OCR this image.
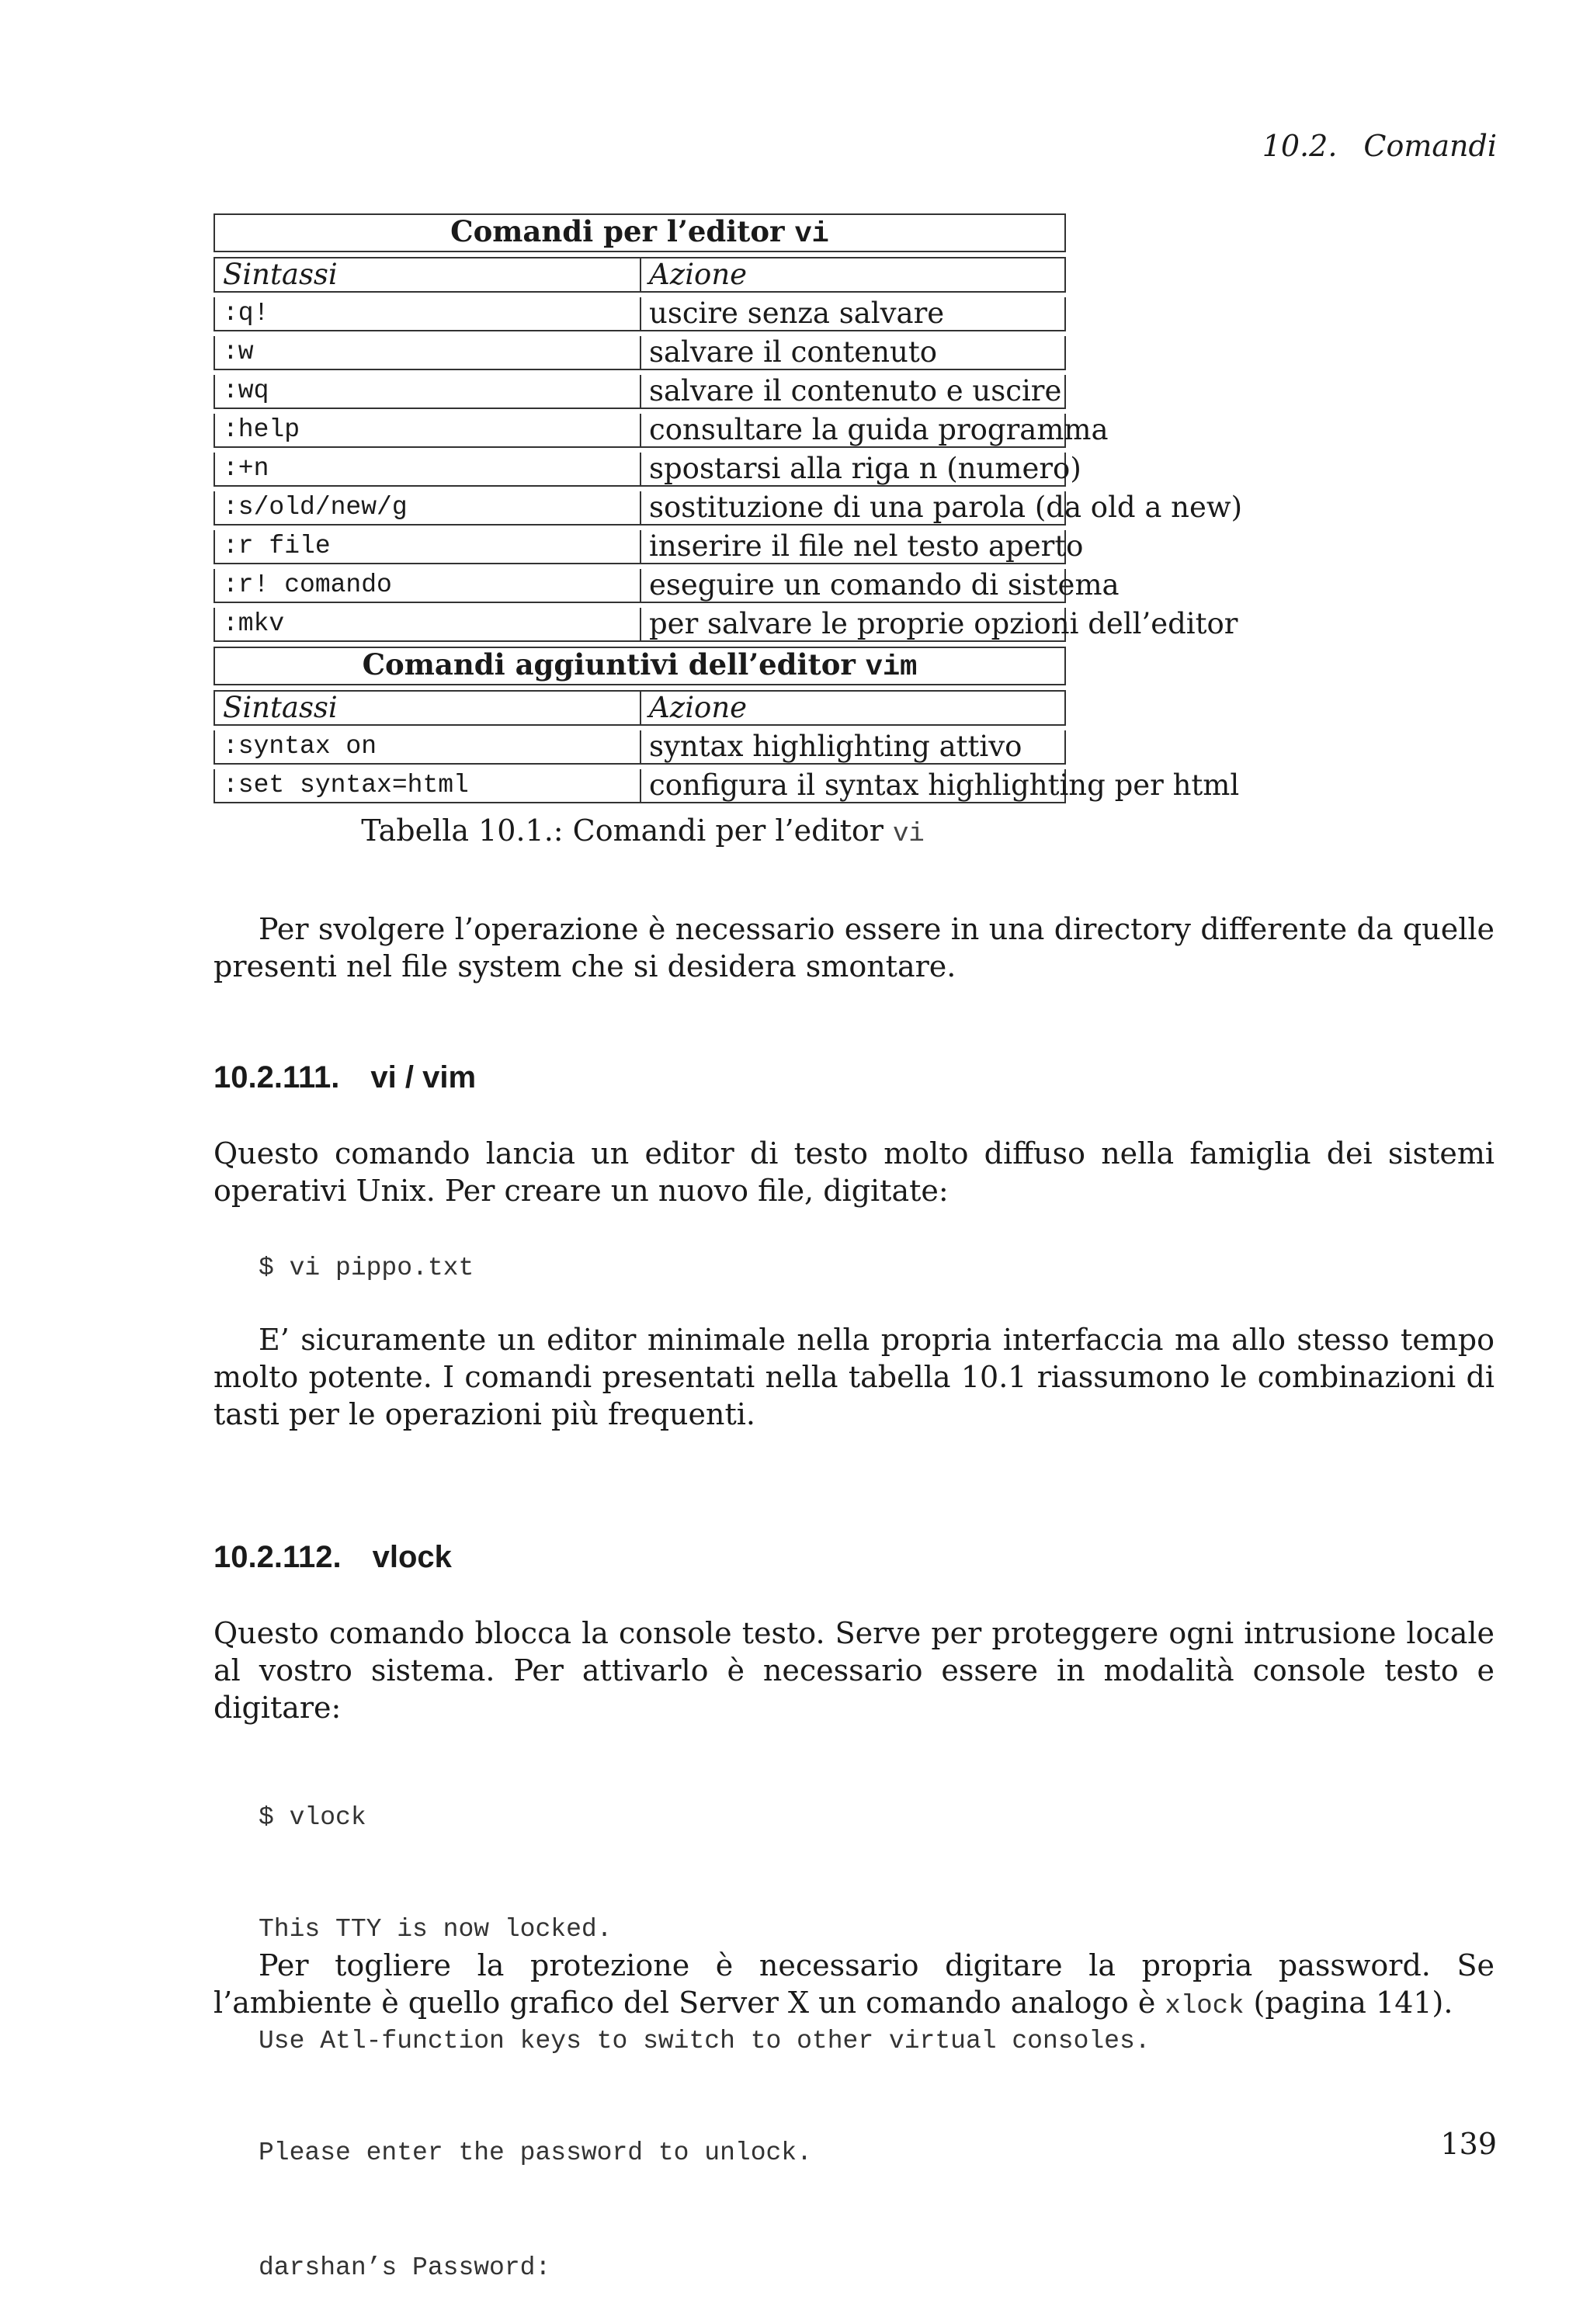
10.2. Comandi
Comandi per l’editor vi	
Sintassi	Azione
:q!	uscire senza salvare
:w	salvare il contenuto
:wq	salvare il contenuto e uscire
:help	consultare la guida programma
:+n	spostarsi alla riga n (numero)
:s/old/new/g	sostituzione di una parola (da old a new)
:r file	inserire il file nel testo aperto
:r! comando	eseguire un comando di sistema
:mkv	per salvare le proprie opzioni dell’editor
Comandi aggiuntivi dell’editor vim	
Sintassi	Azione
:syntax on	syntax highlighting attivo
:set syntax=html	configura il syntax highlighting per html
Tabella 10.1.: Comandi per l’editor vi
Per svolgere l’operazione è necessario essere in una directory differente da quelle presenti nel file system che si desidera smontare.
10.2.111. vi / vim
Questo comando lancia un editor di testo molto diffuso nella famiglia dei sistemi operativi Unix. Per creare un nuovo file, digitate:
$ vi pippo.txt
E’ sicuramente un editor minimale nella propria interfaccia ma allo stesso tempo molto potente. I comandi presentati nella tabella 10.1 riassumono le combinazioni di tasti per le operazioni più frequenti.
10.2.112. vlock
Questo comando blocca la console testo. Serve per proteggere ogni intrusione locale al vostro sistema. Per attivarlo è necessario essere in modalità console testo e digitare:

$ vlock

This TTY is now locked.

Use Atl-function keys to switch to other virtual consoles.

Please enter the password to unlock.

darshan’s Password:

Per togliere la protezione è necessario digitare la propria password. Se l’ambiente è quello grafico del Server X un comando analogo è xlock (pagina 141).
139
